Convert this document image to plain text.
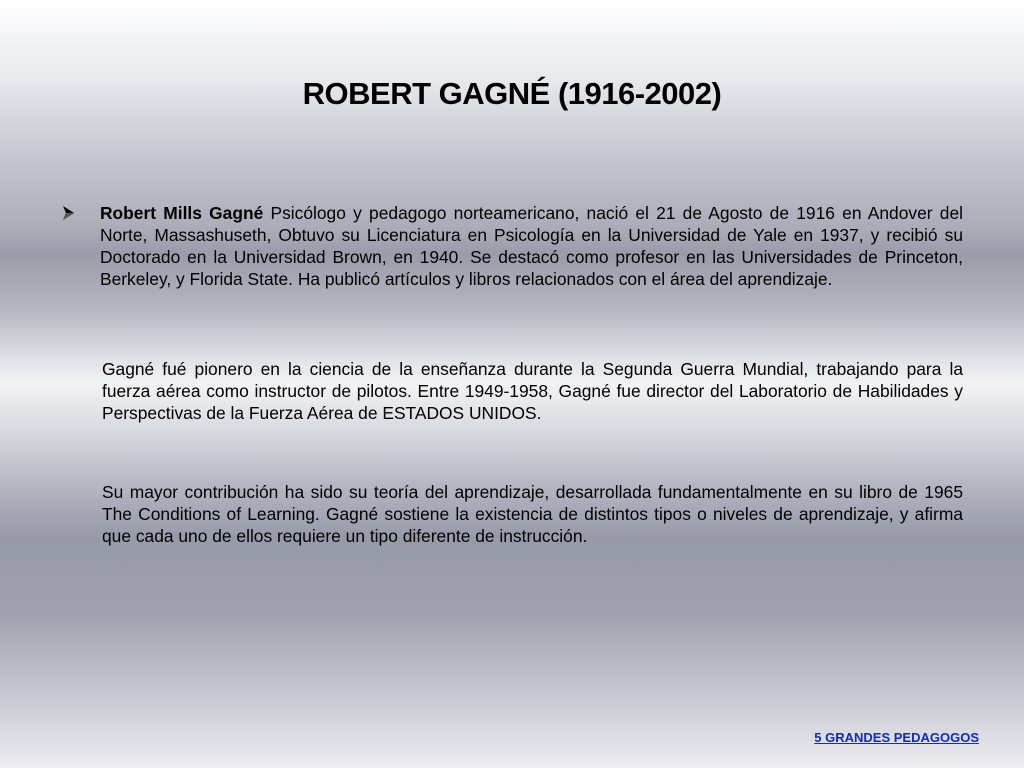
ROBERT GAGNÉ (1916-2002)

Robert Mills Gagné Psicólogo y pedagogo norteamericano, nació el 21 de Agosto de 1916 en Andover del Norte, Massashuseth, Obtuvo su Licenciatura en Psicología en la Universidad de Yale en 1937, y recibió su Doctorado en la Universidad Brown, en 1940. Se destacó como profesor en las Universidades de Princeton, Berkeley, y Florida State. Ha publicó artículos y libros relacionados con el área del aprendizaje.

Gagné fué pionero en la ciencia de la enseñanza durante la Segunda Guerra Mundial, trabajando para la fuerza aérea como instructor de pilotos. Entre 1949-1958, Gagné fue director del Laboratorio de Habilidades y Perspectivas de la Fuerza Aérea de ESTADOS UNIDOS.

Su mayor contribución ha sido su teoría del aprendizaje, desarrollada fundamentalmente en su libro de 1965 The Conditions of Learning. Gagné sostiene la existencia de distintos tipos o niveles de aprendizaje, y afirma que cada uno de ellos requiere un tipo diferente de instrucción.

5 GRANDES PEDAGOGOS
